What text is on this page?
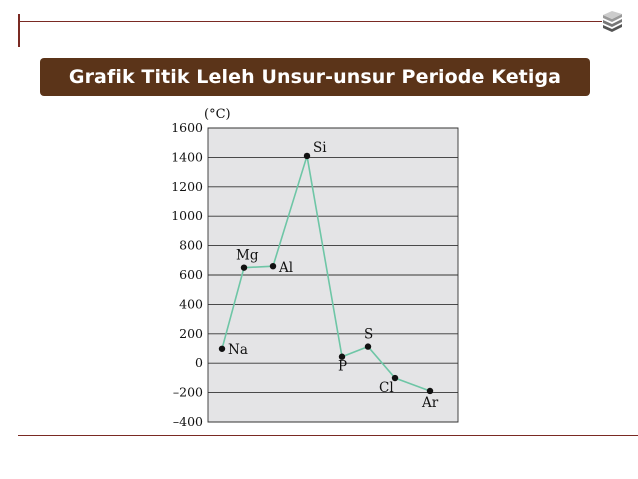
Grafik Titik Leleh Unsur-unsur Periode Ketiga
(°C)
1600
1400
1200
1000
800
600
400
200
0
–200
–400
Na
Mg
Al
Si
P
S
Cl
Ar
